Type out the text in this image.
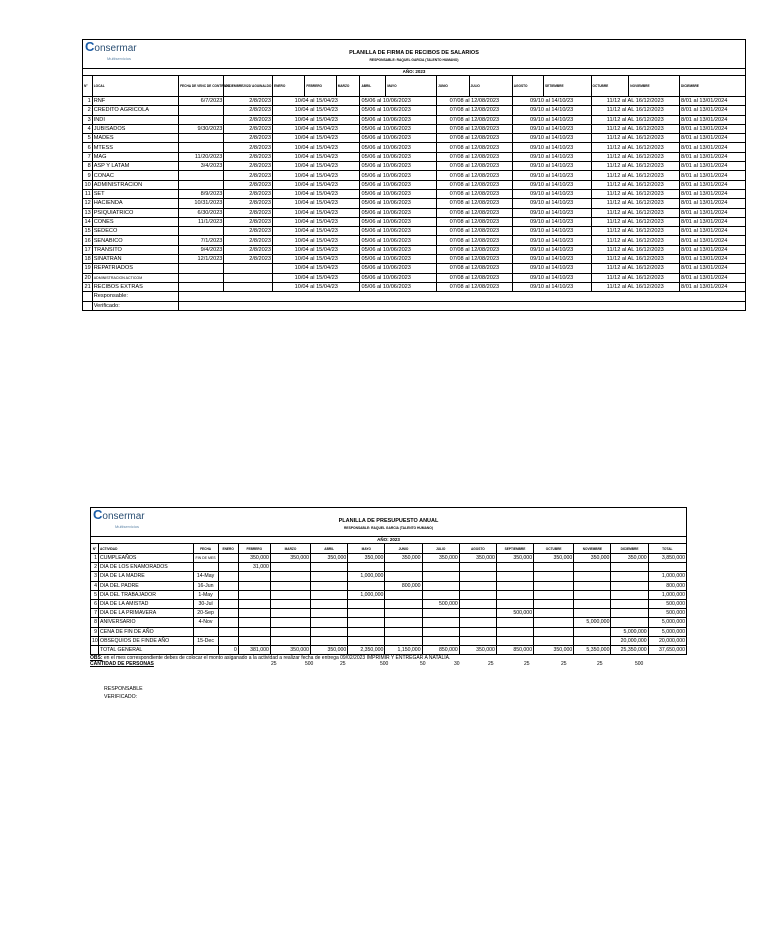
Consermar
Multiservicios
PLANILLA DE FIRMA DE RECIBOS DE SALARIOS
RESPONSABLE: RAQUEL GARCIA (TALENTO HUMANO)
AÑO: 2023
N°	LOCAL	FECHA DE VENC DE CONTRATO	DICIEMBRE2022/ AGUINALDO	ENERO	FEBRERO	MARZO	ABRIL	MAYO	JUNIO	JULIO	AGOSTO	SETIEMBRE	OCTUBRE	NOVIEMBRE	DICIEMBRE
1	RNF	6/7/2023	2/8/2023	10/04 al 15/04/23			05/06 al 10/06/2023		07/08 al 12/08/2023		09/10 al 14/10/23		11/12 al AL 16/12/2023		8/01 al 13/01/2024
2	CREDITO AGRICOLA		2/8/2023	10/04 al 15/04/23			05/06 al 10/06/2023		07/08 al 12/08/2023		09/10 al 14/10/23		11/12 al AL 16/12/2023		8/01 al 13/01/2024
3	INDI		2/8/2023	10/04 al 15/04/23			05/06 al 10/06/2023		07/08 al 12/08/2023		09/10 al 14/10/23		11/12 al AL 16/12/2023		8/01 al 13/01/2024
4	JUBISADOS	9/30/2023	2/8/2023	10/04 al 15/04/23			05/06 al 10/06/2023		07/08 al 12/08/2023		09/10 al 14/10/23		11/12 al AL 16/12/2023		8/01 al 13/01/2024
5	MADES		2/8/2023	10/04 al 15/04/23			05/06 al 10/06/2023		07/08 al 12/08/2023		09/10 al 14/10/23		11/12 al AL 16/12/2023		8/01 al 13/01/2024
6	MTESS		2/8/2023	10/04 al 15/04/23			05/06 al 10/06/2023		07/08 al 12/08/2023		09/10 al 14/10/23		11/12 al AL 16/12/2023		8/01 al 13/01/2024
7	MAG	11/20/2023	2/8/2023	10/04 al 15/04/23			05/06 al 10/06/2023		07/08 al 12/08/2023		09/10 al 14/10/23		11/12 al AL 16/12/2023		8/01 al 13/01/2024
8	ASP Y LATAM	3/4/2023	2/8/2023	10/04 al 15/04/23			05/06 al 10/06/2023		07/08 al 12/08/2023		09/10 al 14/10/23		11/12 al AL 16/12/2023		8/01 al 13/01/2024
9	CONAC		2/8/2023	10/04 al 15/04/23			05/06 al 10/06/2023		07/08 al 12/08/2023		09/10 al 14/10/23		11/12 al AL 16/12/2023		8/01 al 13/01/2024
10	ADMINISTRACION		2/8/2023	10/04 al 15/04/23			05/06 al 10/06/2023		07/08 al 12/08/2023		09/10 al 14/10/23		11/12 al AL 16/12/2023		8/01 al 13/01/2024
11	SET	8/9/2023	2/8/2023	10/04 al 15/04/23			05/06 al 10/06/2023		07/08 al 12/08/2023		09/10 al 14/10/23		11/12 al AL 16/12/2023		8/01 al 13/01/2024
12	HACIENDA	10/31/2023	2/8/2023	10/04 al 15/04/23			05/06 al 10/06/2023		07/08 al 12/08/2023		09/10 al 14/10/23		11/12 al AL 16/12/2023		8/01 al 13/01/2024
13	PSIQUIATRICO	6/30/2023	2/8/2023	10/04 al 15/04/23			05/06 al 10/06/2023		07/08 al 12/08/2023		09/10 al 14/10/23		11/12 al AL 16/12/2023		8/01 al 13/01/2024
14	CONES	11/1/2023	2/8/2023	10/04 al 15/04/23			05/06 al 10/06/2023		07/08 al 12/08/2023		09/10 al 14/10/23		11/12 al AL 16/12/2023		8/01 al 13/01/2024
15	SEDECO		2/8/2023	10/04 al 15/04/23			05/06 al 10/06/2023		07/08 al 12/08/2023		09/10 al 14/10/23		11/12 al AL 16/12/2023		8/01 al 13/01/2024
16	SENABICO	7/1/2023	2/8/2023	10/04 al 15/04/23			05/06 al 10/06/2023		07/08 al 12/08/2023		09/10 al 14/10/23		11/12 al AL 16/12/2023		8/01 al 13/01/2024
17	TRANSITO	9/4/2023	2/8/2023	10/04 al 15/04/23			05/06 al 10/06/2023		07/08 al 12/08/2023		09/10 al 14/10/23		11/12 al AL 16/12/2023		8/01 al 13/01/2024
18	SINATRAN	12/1/2023	2/8/2023	10/04 al 15/04/23			05/06 al 10/06/2023		07/08 al 12/08/2023		09/10 al 14/10/23		11/12 al AL 16/12/2023		8/01 al 13/01/2024
19	REPATRIADOS			10/04 al 15/04/23			05/06 al 10/06/2023		07/08 al 12/08/2023		09/10 al 14/10/23		11/12 al AL 16/12/2023		8/01 al 13/01/2024
20	ADMINISTRACION ACTICOM			10/04 al 15/04/23			05/06 al 10/06/2023		07/08 al 12/08/2023		09/10 al 14/10/23		11/12 al AL 16/12/2023		8/01 al 13/01/2024
21	RECIBOS EXTRAS			10/04 al 15/04/23			05/06 al 10/06/2023		07/08 al 12/08/2023		09/10 al 14/10/23		11/12 al AL 16/12/2023		8/01 al 13/01/2024
	Responsable:														
	Verificado:														
Consermar
Multiservicios
PLANILLA DE PRESUPUESTO ANUAL
RESPONSABLE: RAQUEL GARCIA (TALENTO HUMANO)
AÑO: 2023
N°	ACTIVIDAD	FECHA	ENERO	FEBRERO	MARZO	ABRIL	MAYO	JUNIO	JULIO	AGOSTO	SEPTIEMBRE	OCTUBRE	NOVIEMBRE	DICIEMBRE	TOTAL
1	CUMPLEAÑOS	FIN DE MES		350,000	350,000	350,000	350,000	350,000	350,000	350,000	350,000	350,000	350,000	350,000	3,850,000
2	DIA DE LOS ENAMORADOS			31,000											
3	DIA DE LA MADRE	14-May					1,000,000								1,000,000
4	DIA DEL PADRE	16-Jun						800,000							800,000
5	DIA DEL TRABAJADOR	1-May					1,000,000								1,000,000
6	DIA DE LA AMISTAD	30-Jul							500,000						500,000
7	DIA DE LA PRIMAVERA	20-Sep									500,000				500,000
8	ANIVERSARIO	4-Nov											5,000,000		5,000,000
9	CENA DE FIN DE AÑO													5,000,000	5,000,000
10	OBSEQUIOS DE FINDE AÑO	15-Dec												20,000,000	20,000,000
	TOTAL GENERAL		0	381,000	350,000	350,000	2,350,000	1,150,000	850,000	350,000	850,000	350,000	5,350,000	25,350,000	37,650,000
OBS: en el mes correspondiente debes de colocar el monto asiganado a la actividad a realizar fecha de entrega 09/02/2023 IMPRIMIR Y ENTREGAR A NATALIA.
CANTIDAD DE PERSONAS	25	500	25	500	50	30	25	25	25	25	500
RESPONSABLE
VERIFICADO:
